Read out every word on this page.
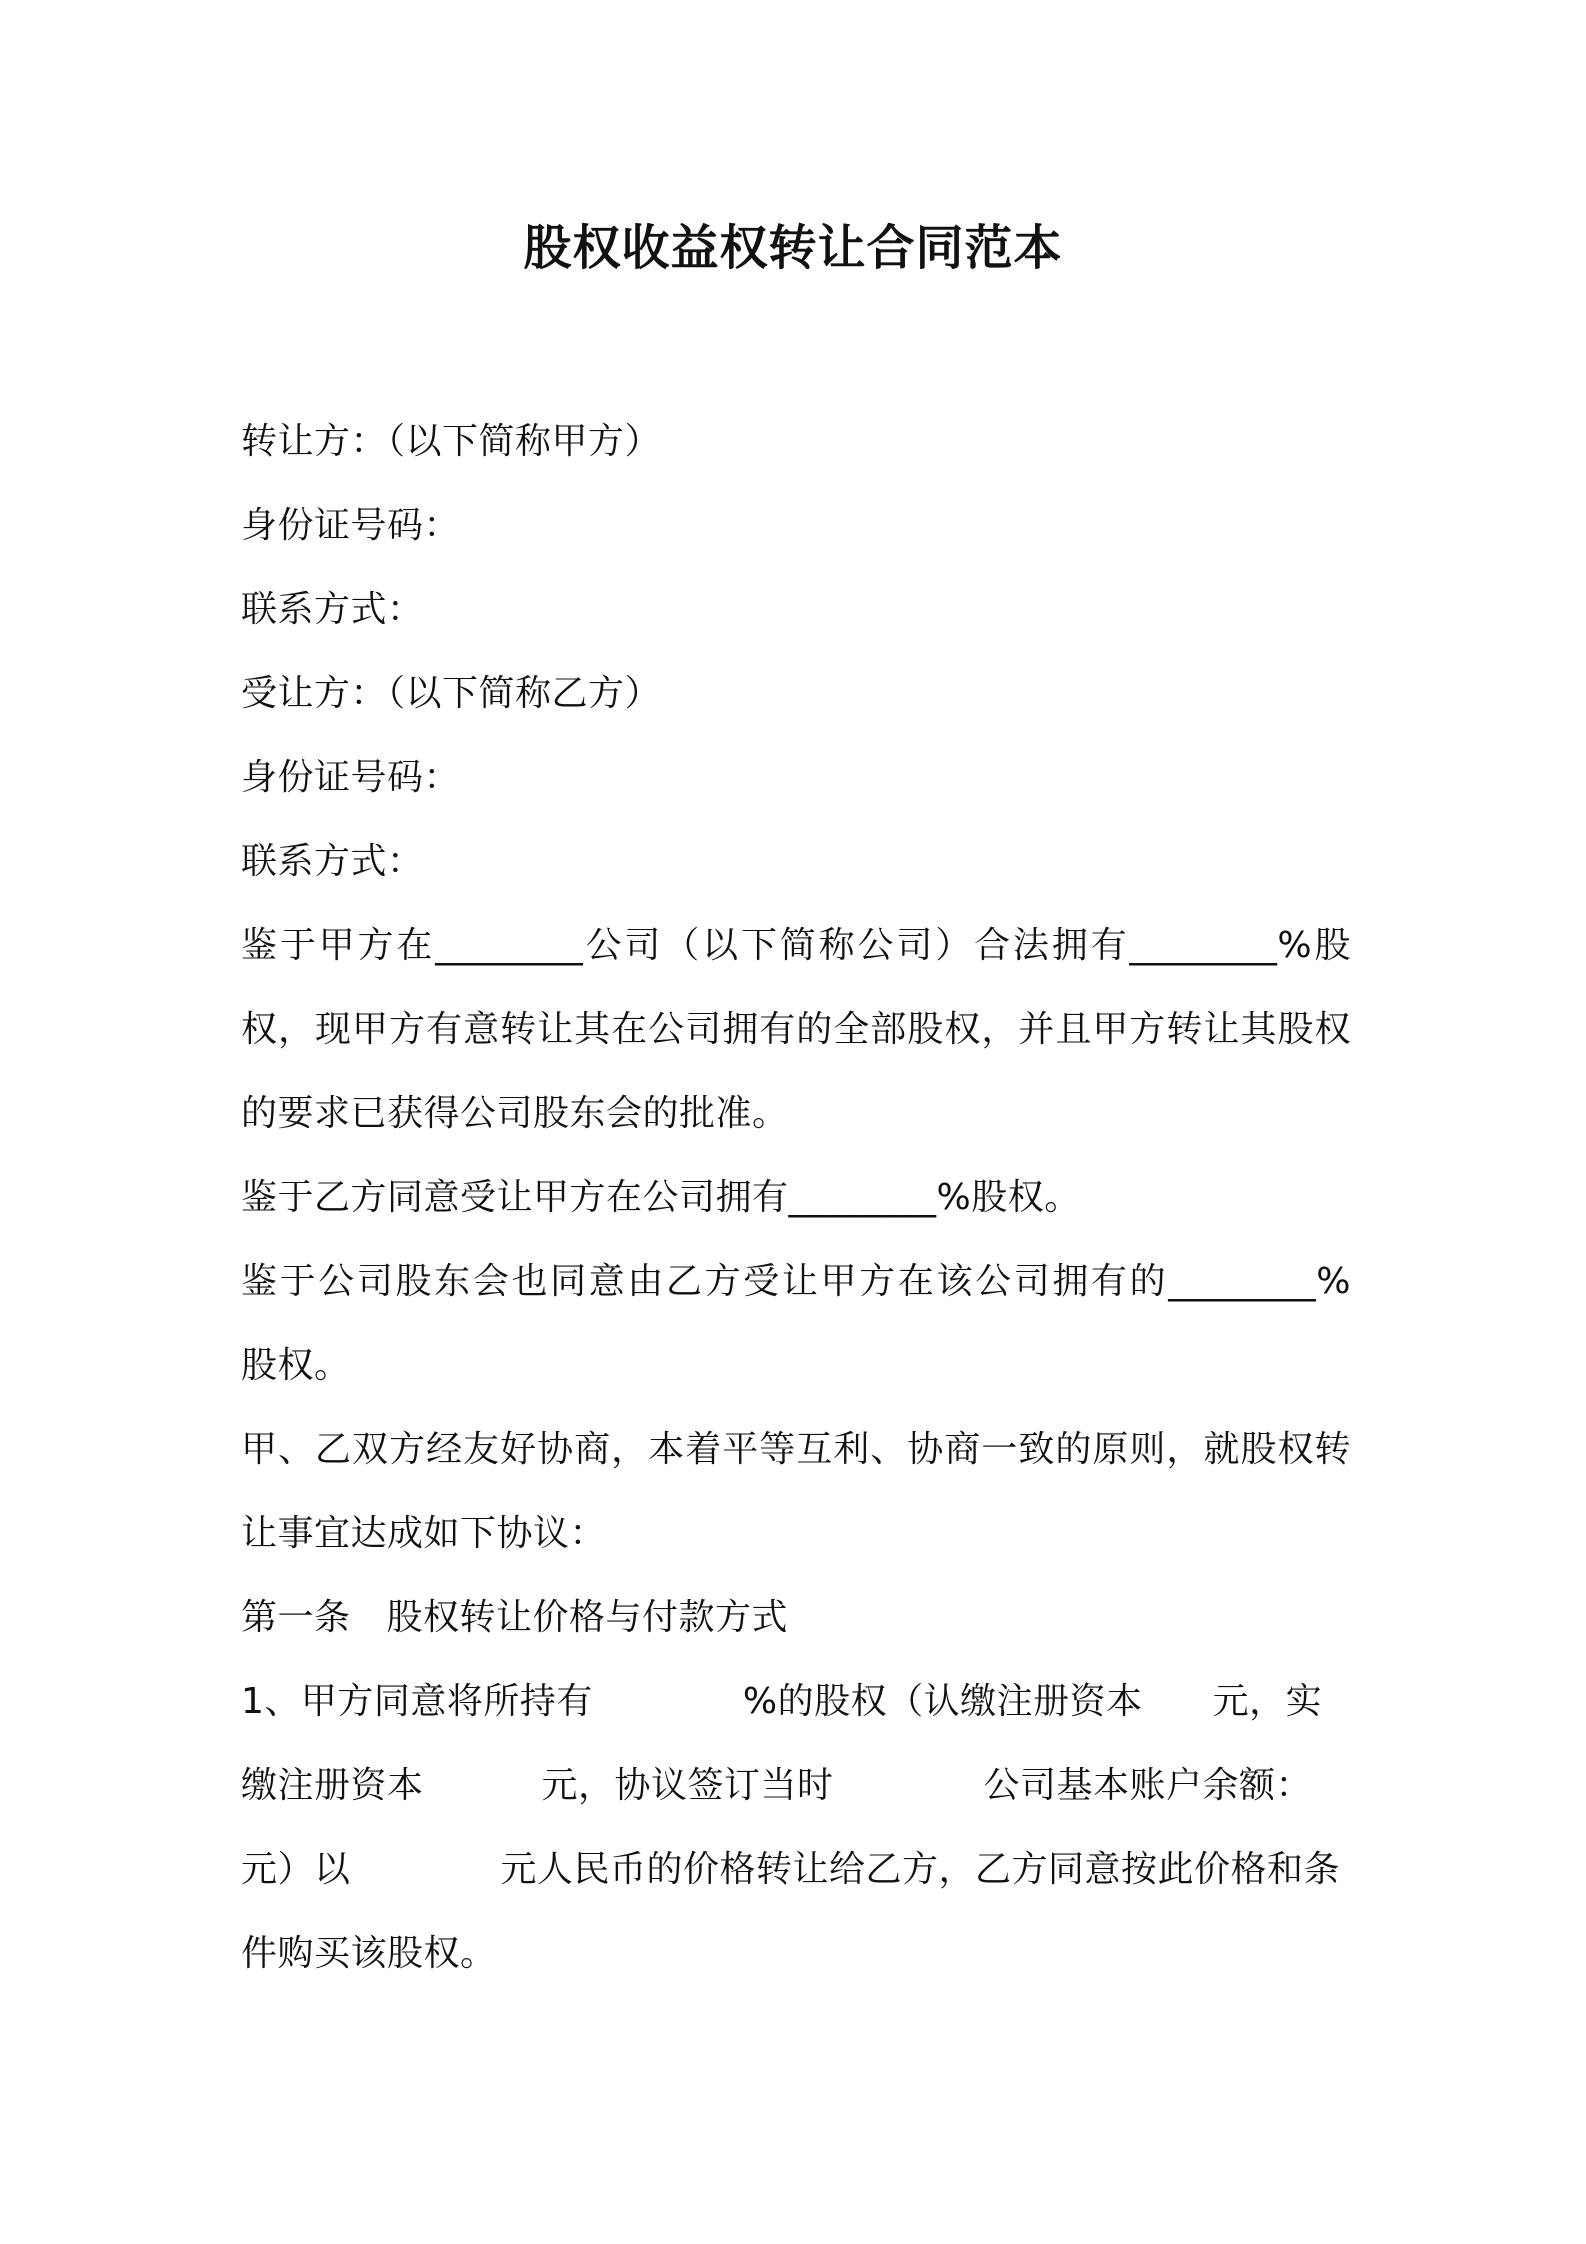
股权收益权转让合同范本
转让方：（以下简称甲方）
身份证号码：
联系方式：
受让方：（以下简称乙方）
身份证号码：
联系方式：
鉴于甲方在________公司（以下简称公司）合法拥有________%股
权，现甲方有意转让其在公司拥有的全部股权，并且甲方转让其股权
的要求已获得公司股东会的批准。
鉴于乙方同意受让甲方在公司拥有________%股权。
鉴于公司股东会也同意由乙方受让甲方在该公司拥有的________%
股权。
甲、乙双方经友好协商，本着平等互利、协商一致的原则，就股权转
让事宜达成如下协议：
第一条 股权转让价格与付款方式
1、甲方同意将所持有	%的股权（认缴注册资本 元，实
缴注册资本	元，协议签订当时	公司基本账户余额：
元）以	元人民币的价格转让给乙方，乙方同意按此价格和条
件购买该股权。
